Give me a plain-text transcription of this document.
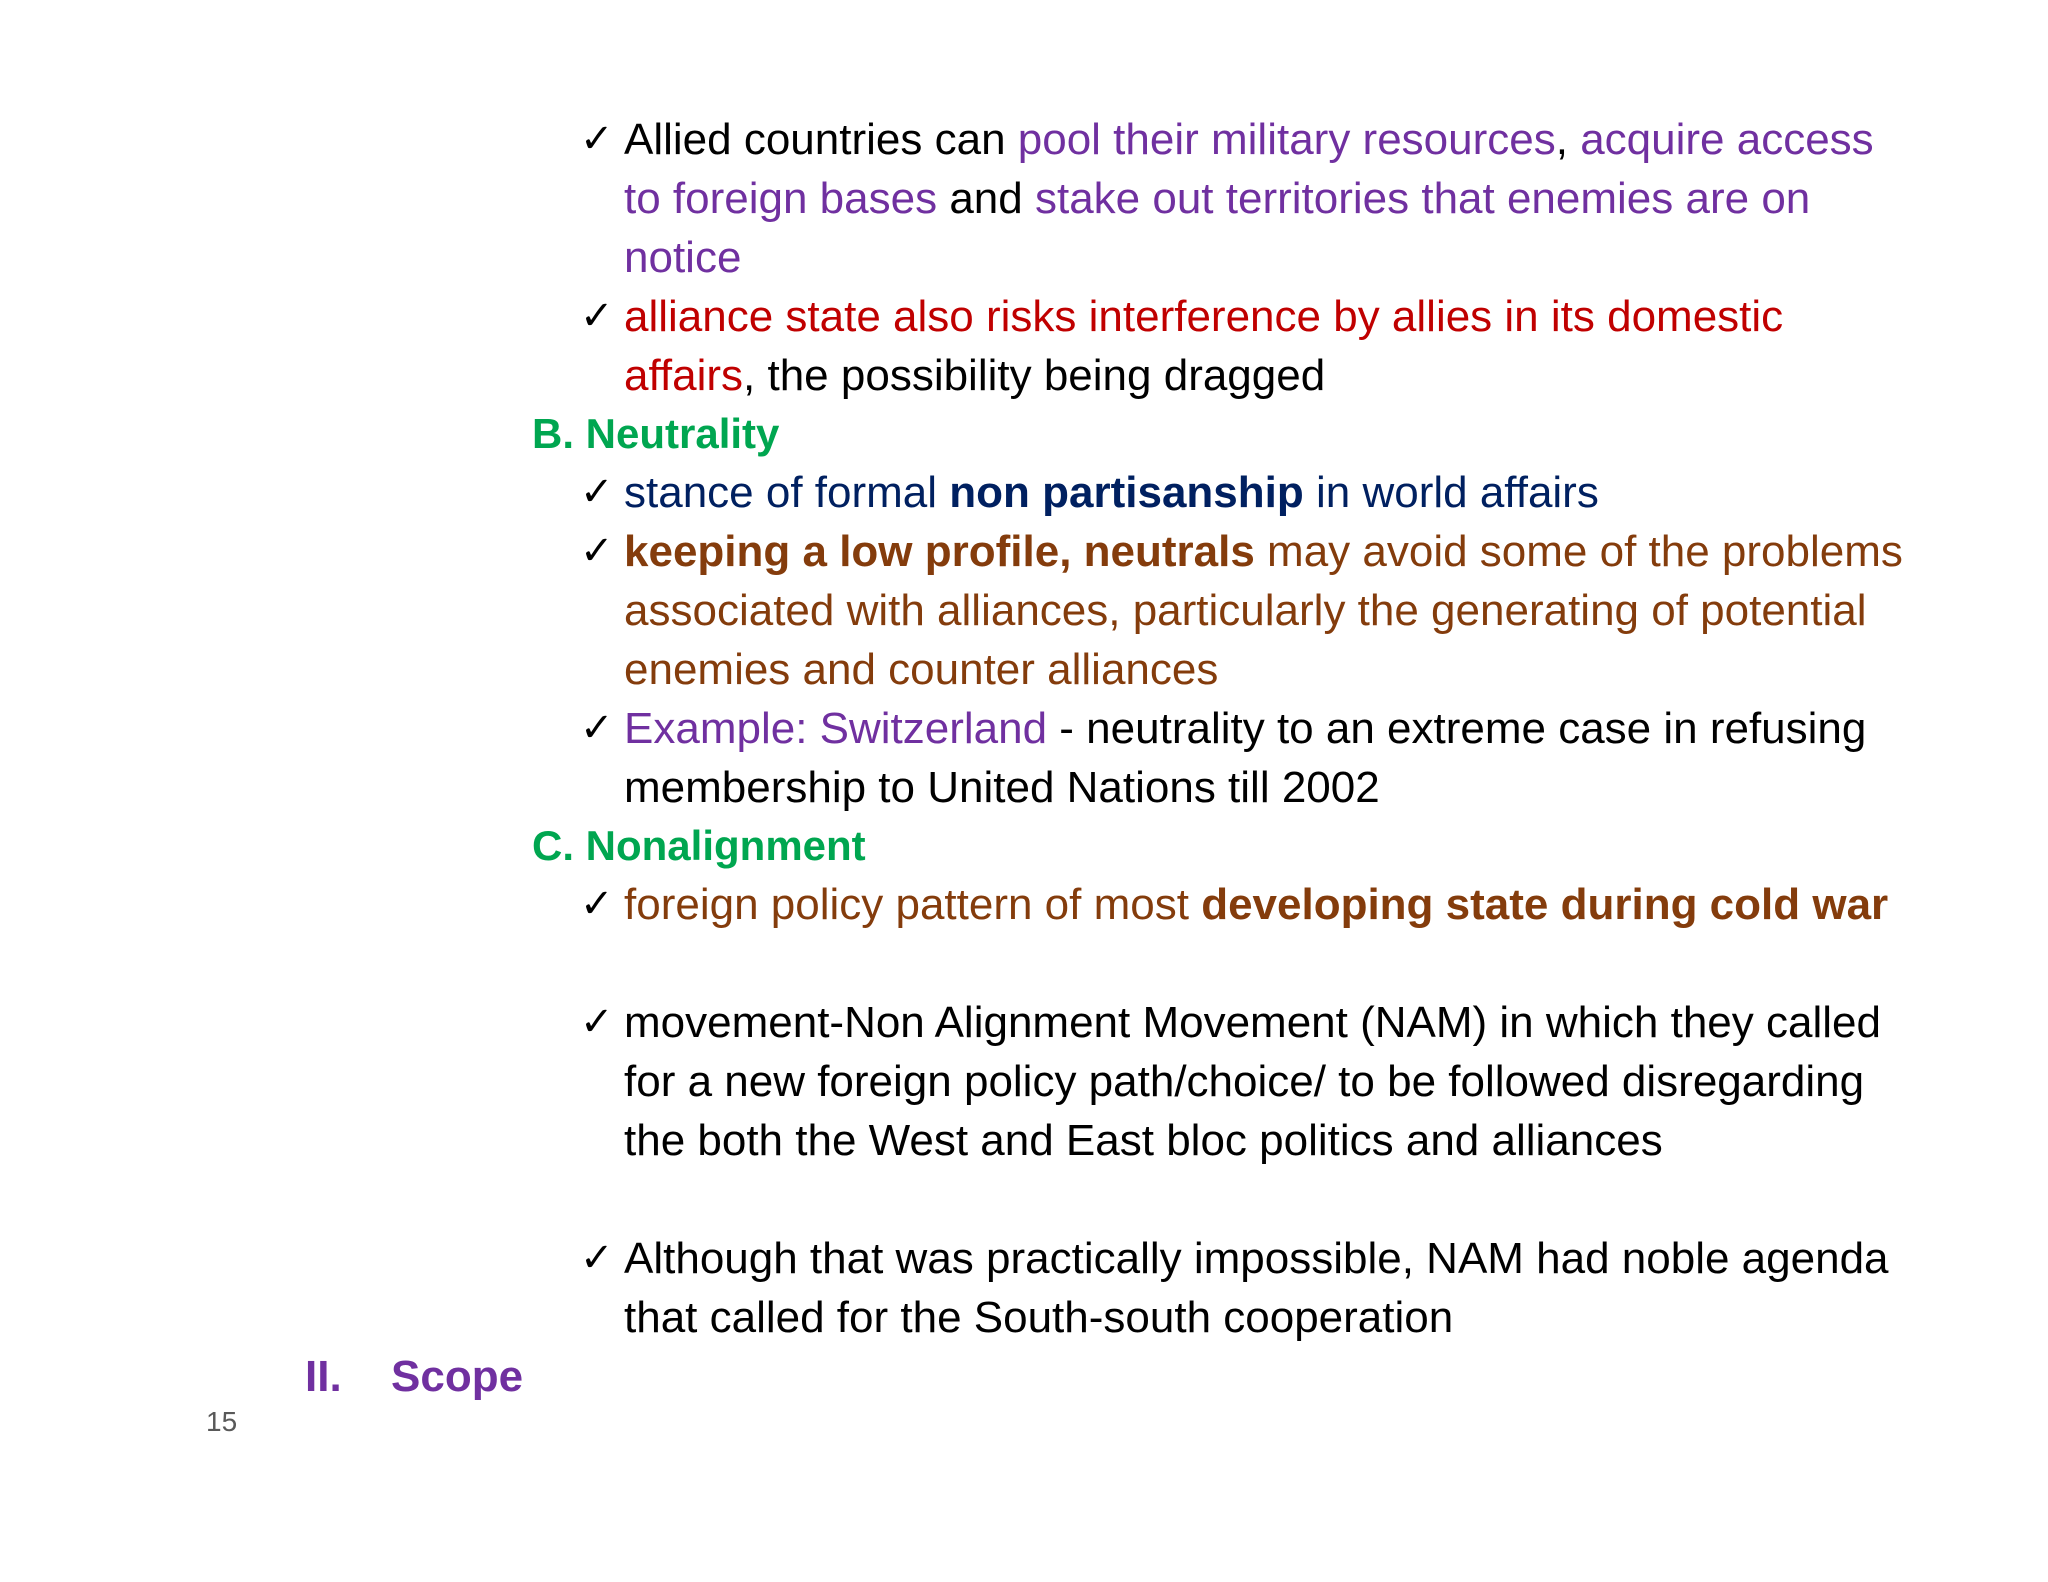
✓ Allied countries can pool their military resources, acquire access to foreign bases and stake out territories that enemies are on notice
✓ alliance state also risks interference by allies in its domestic affairs, the possibility being dragged
B. Neutrality
✓ stance of formal non partisanship in world affairs
✓ keeping a low profile, neutrals may avoid some of the problems associated with alliances, particularly the generating of potential enemies and counter alliances
✓ Example: Switzerland - neutrality to an extreme case in refusing membership to United Nations till 2002
C. Nonalignment
✓ foreign policy pattern of most developing state during cold war
✓ movement-Non Alignment Movement (NAM) in which they called for a new foreign policy path/choice/ to be followed disregarding the both the West and East bloc politics and alliances
✓ Although that was practically impossible, NAM had noble agenda that called for the South-south cooperation
II. Scope
15
